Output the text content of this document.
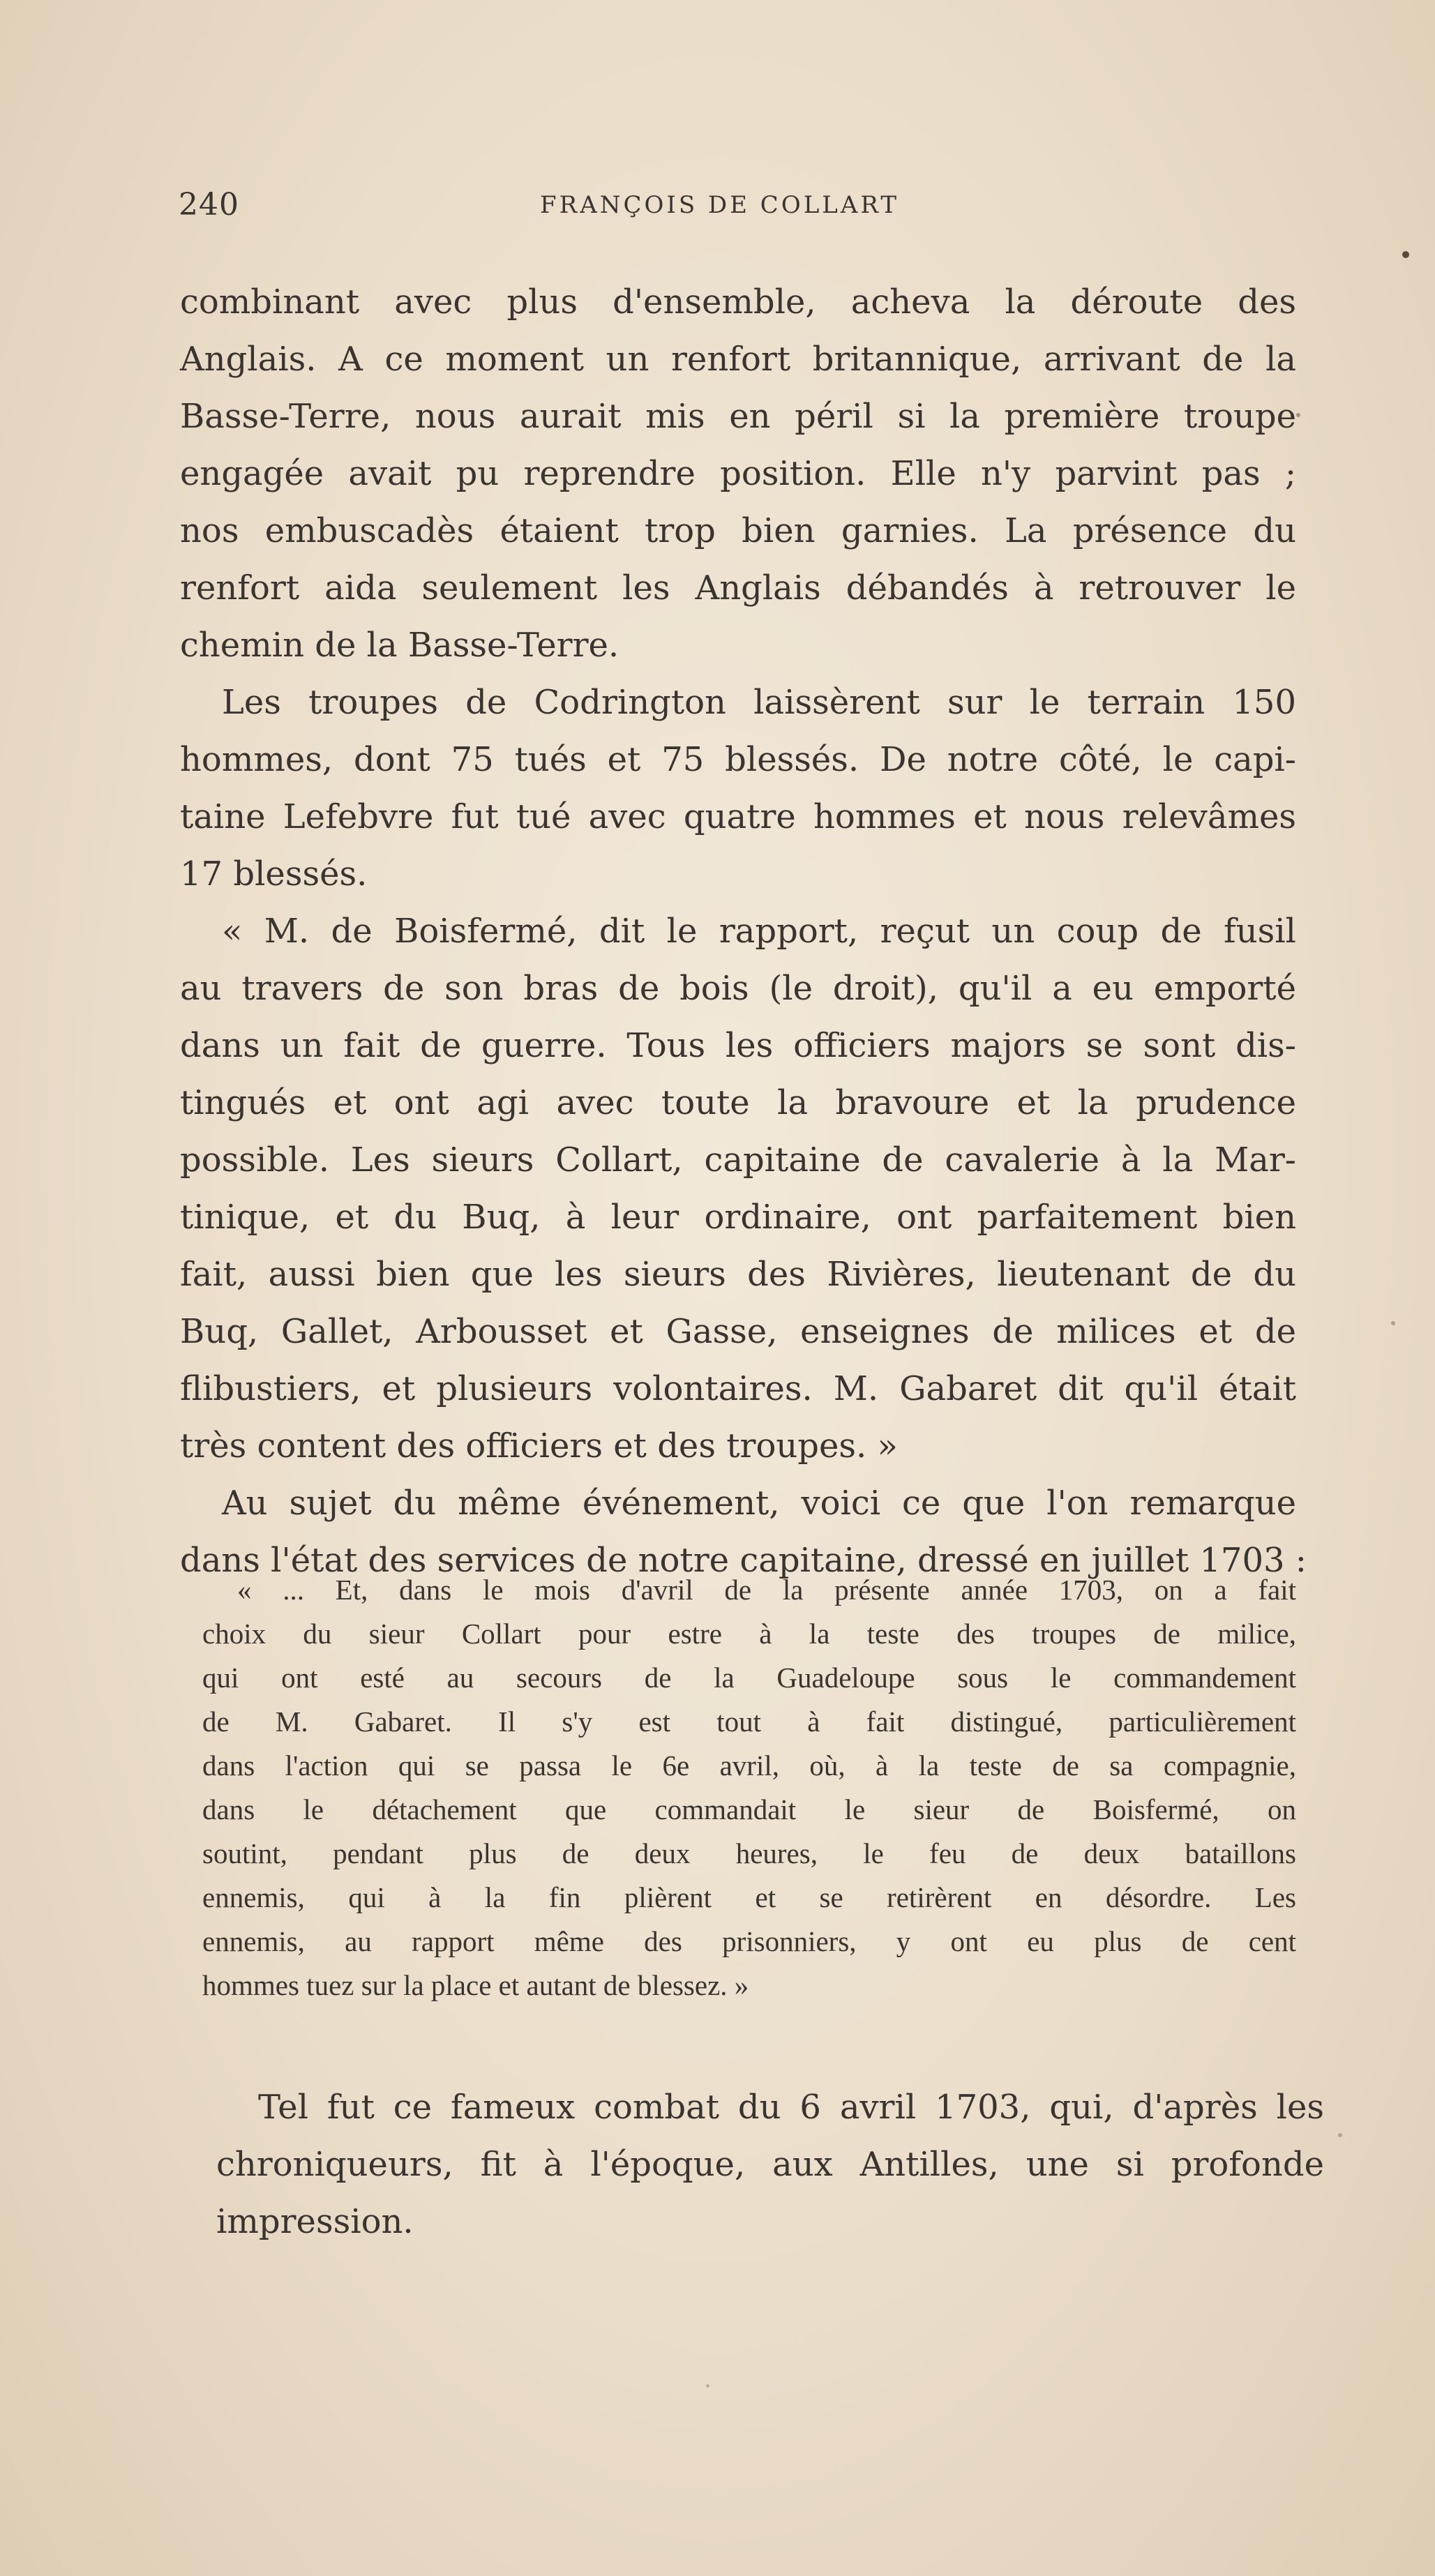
240	FRANÇOIS DE COLLART
combinant avec plus d'ensemble, acheva la déroute des
Anglais. A ce moment un renfort britannique, arrivant de la
Basse-Terre, nous aurait mis en péril si la première troupe
engagée avait pu reprendre position. Elle n'y parvint pas ;
nos embuscadès étaient trop bien garnies. La présence du
renfort aida seulement les Anglais débandés à retrouver le
chemin de la Basse-Terre.
Les troupes de Codrington laissèrent sur le terrain 150
hommes, dont 75 tués et 75 blessés. De notre côté, le capi-
taine Lefebvre fut tué avec quatre hommes et nous relevâmes
17 blessés.
« M. de Boisfermé, dit le rapport, reçut un coup de fusil
au travers de son bras de bois (le droit), qu'il a eu emporté
dans un fait de guerre. Tous les officiers majors se sont dis-
tingués et ont agi avec toute la bravoure et la prudence
possible. Les sieurs Collart, capitaine de cavalerie à la Mar-
tinique, et du Buq, à leur ordinaire, ont parfaitement bien
fait, aussi bien que les sieurs des Rivières, lieutenant de du
Buq, Gallet, Arbousset et Gasse, enseignes de milices et de
flibustiers, et plusieurs volontaires. M. Gabaret dit qu'il était
très content des officiers et des troupes. »
Au sujet du même événement, voici ce que l'on remarque
dans l'état des services de notre capitaine, dressé en juillet 1703 :
« ... Et, dans le mois d'avril de la présente année 1703, on a fait
choix du sieur Collart pour estre à la teste des troupes de milice,
qui ont esté au secours de la Guadeloupe sous le commandement
de M. Gabaret. Il s'y est tout à fait distingué, particulièrement
dans l'action qui se passa le 6e avril, où, à la teste de sa compagnie,
dans le détachement que commandait le sieur de Boisfermé, on
soutint, pendant plus de deux heures, le feu de deux bataillons
ennemis, qui à la fin plièrent et se retirèrent en désordre. Les
ennemis, au rapport même des prisonniers, y ont eu plus de cent
hommes tuez sur la place et autant de blessez. »
Tel fut ce fameux combat du 6 avril 1703, qui, d'après les
chroniqueurs, fit à l'époque, aux Antilles, une si profonde
impression.
